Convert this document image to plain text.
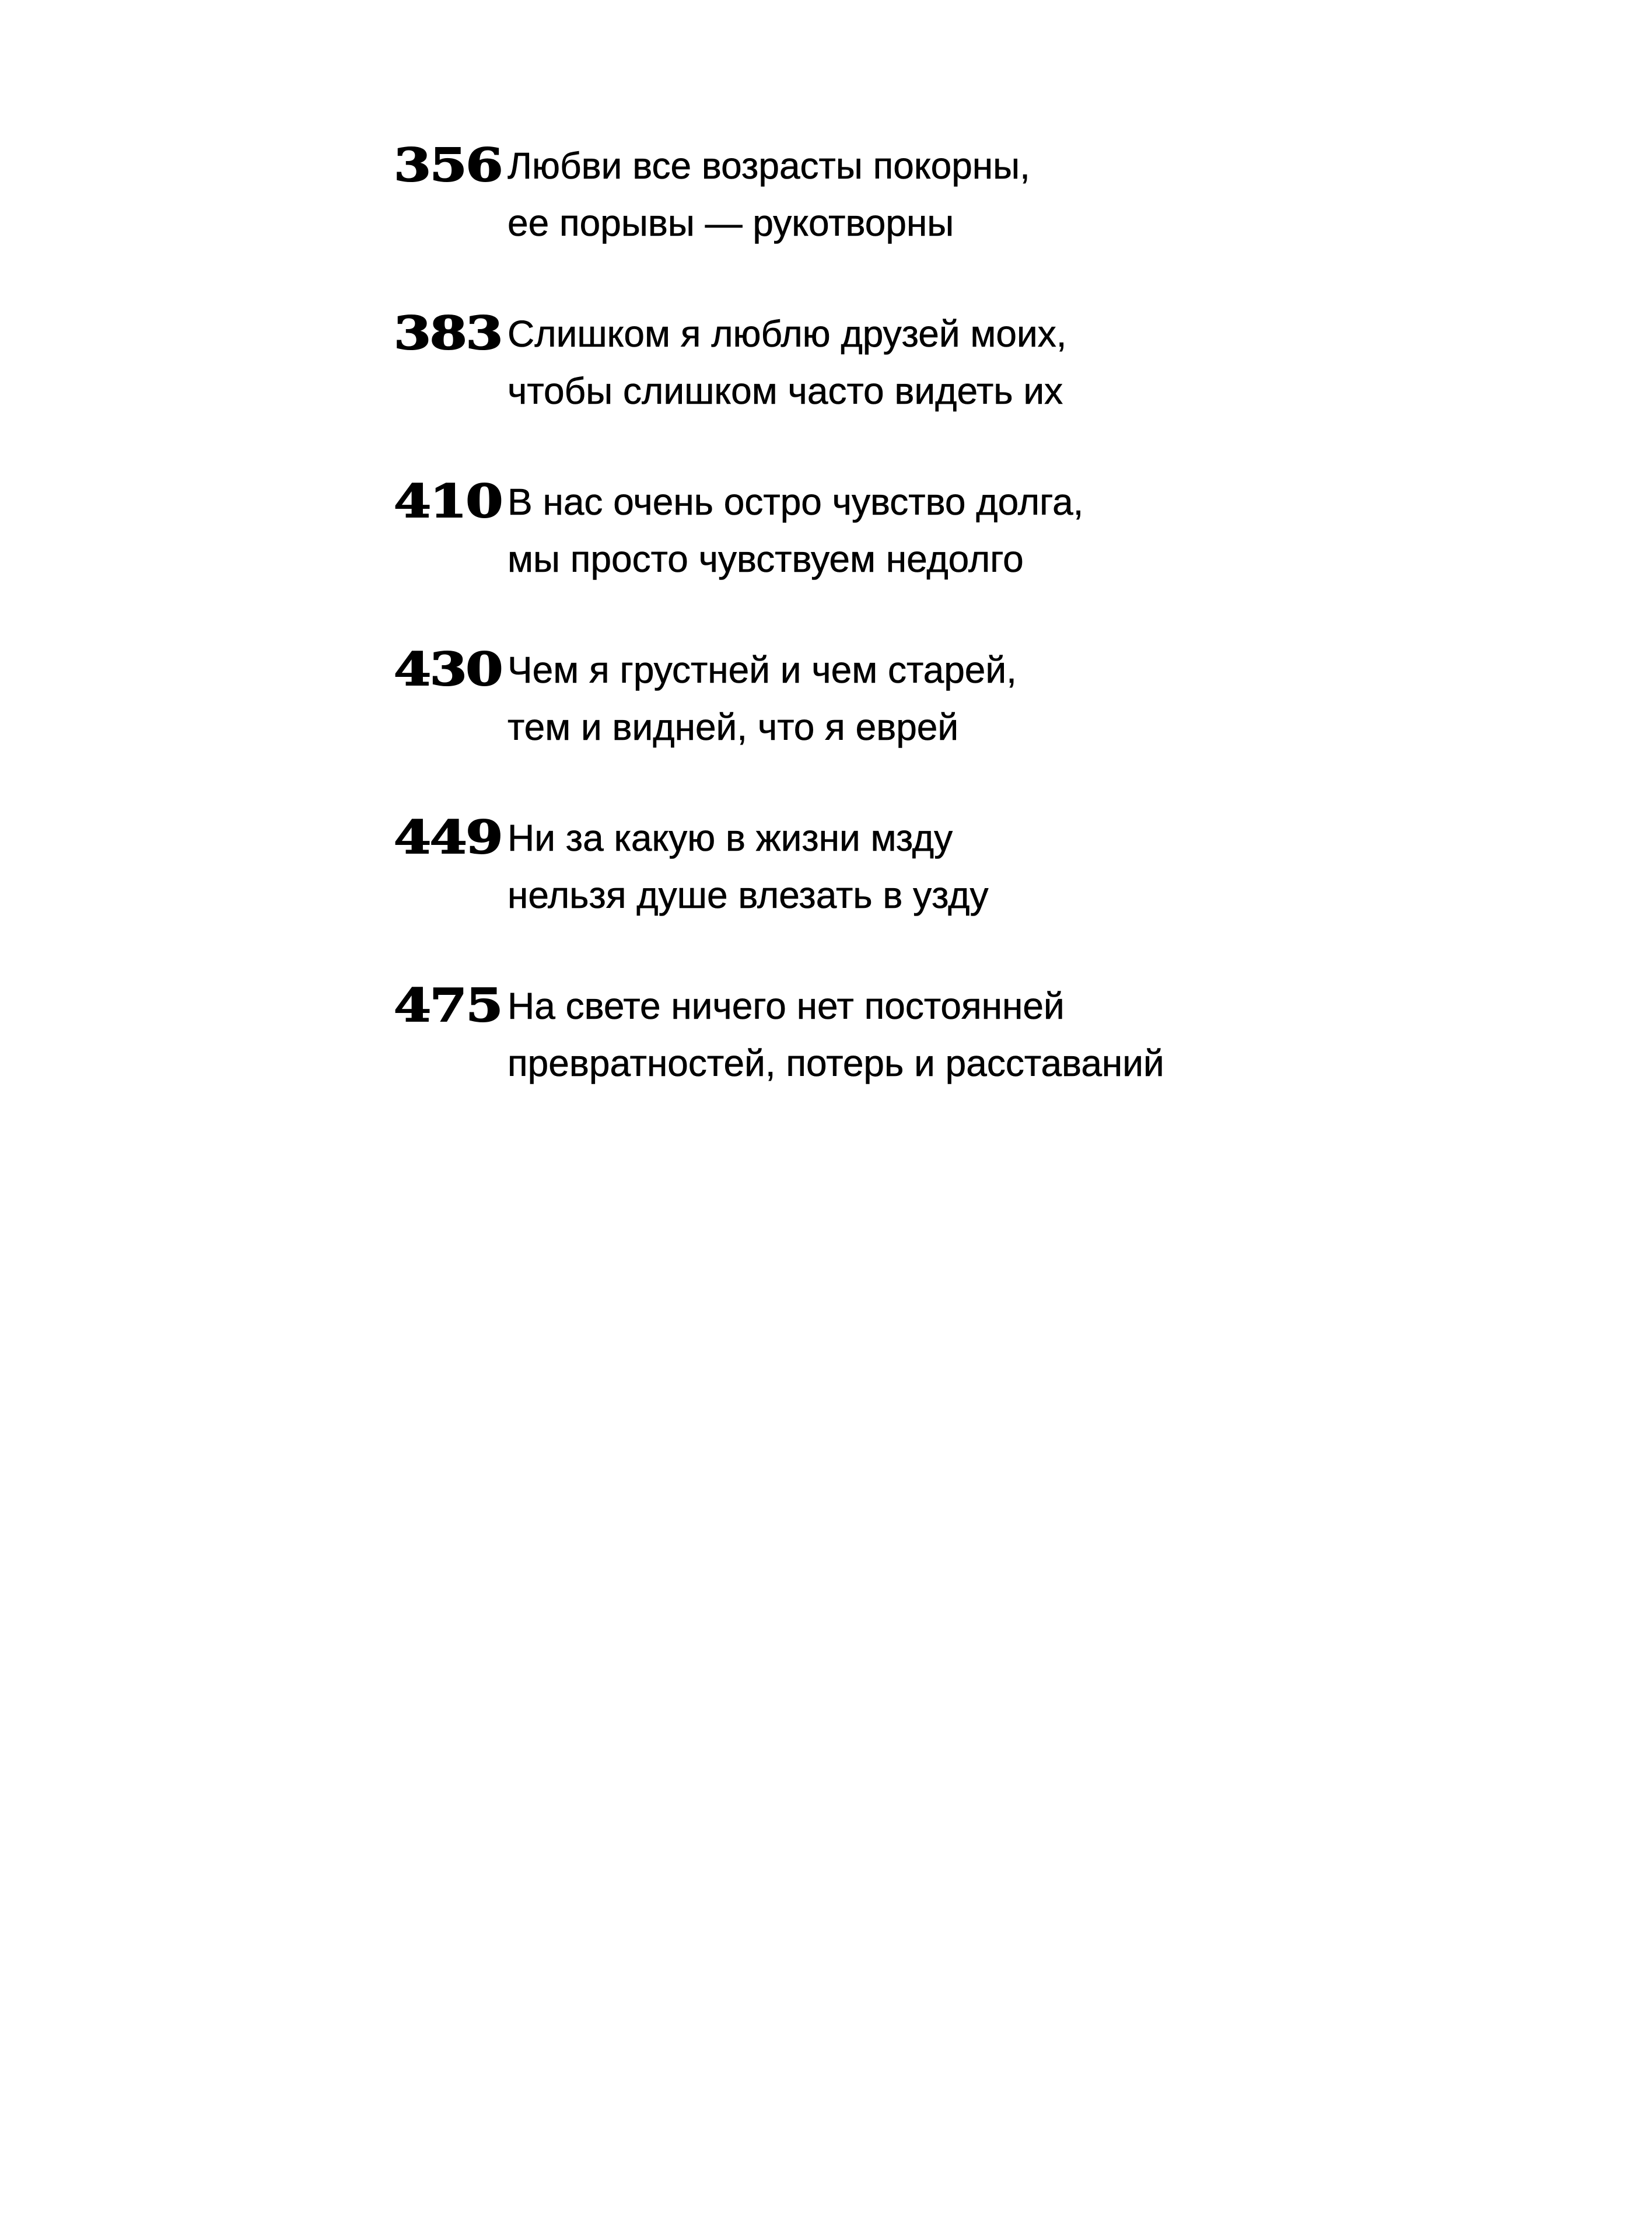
356 Любви все возрасты покорны,
ее порывы — рукотворны
383 Слишком я люблю друзей моих,
чтобы слишком часто видеть их
410 В нас очень остро чувство долга,
мы просто чувствуем недолго
430 Чем я грустней и чем старей,
тем и видней, что я еврей
449 Ни за какую в жизни мзду
нельзя душе влезать в узду
475 На свете ничего нет постоянней
превратностей, потерь и расставаний
